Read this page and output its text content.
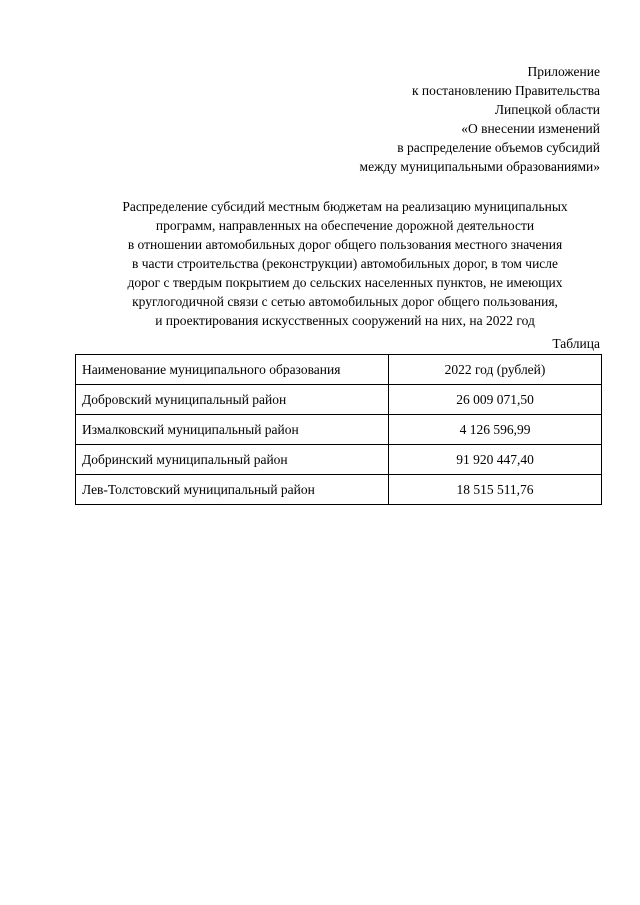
Приложение
к постановлению Правительства
Липецкой области
«О внесении изменений
в распределение объемов субсидий
между муниципальными образованиями»
Распределение субсидий местным бюджетам на реализацию муниципальных
программ, направленных на обеспечение дорожной деятельности
в отношении автомобильных дорог общего пользования местного значения
в части строительства (реконструкции) автомобильных дорог, в том числе
дорог с твердым покрытием до сельских населенных пунктов, не имеющих
круглогодичной связи с сетью автомобильных дорог общего пользования,
и проектирования искусственных сооружений на них, на 2022 год
Таблица
Наименование муниципального образования	2022 год (рублей)
Добровский муниципальный район	26 009 071,50
Измалковский муниципальный район	4 126 596,99
Добринский муниципальный район	91 920 447,40
Лев-Толстовский муниципальный район	18 515 511,76
